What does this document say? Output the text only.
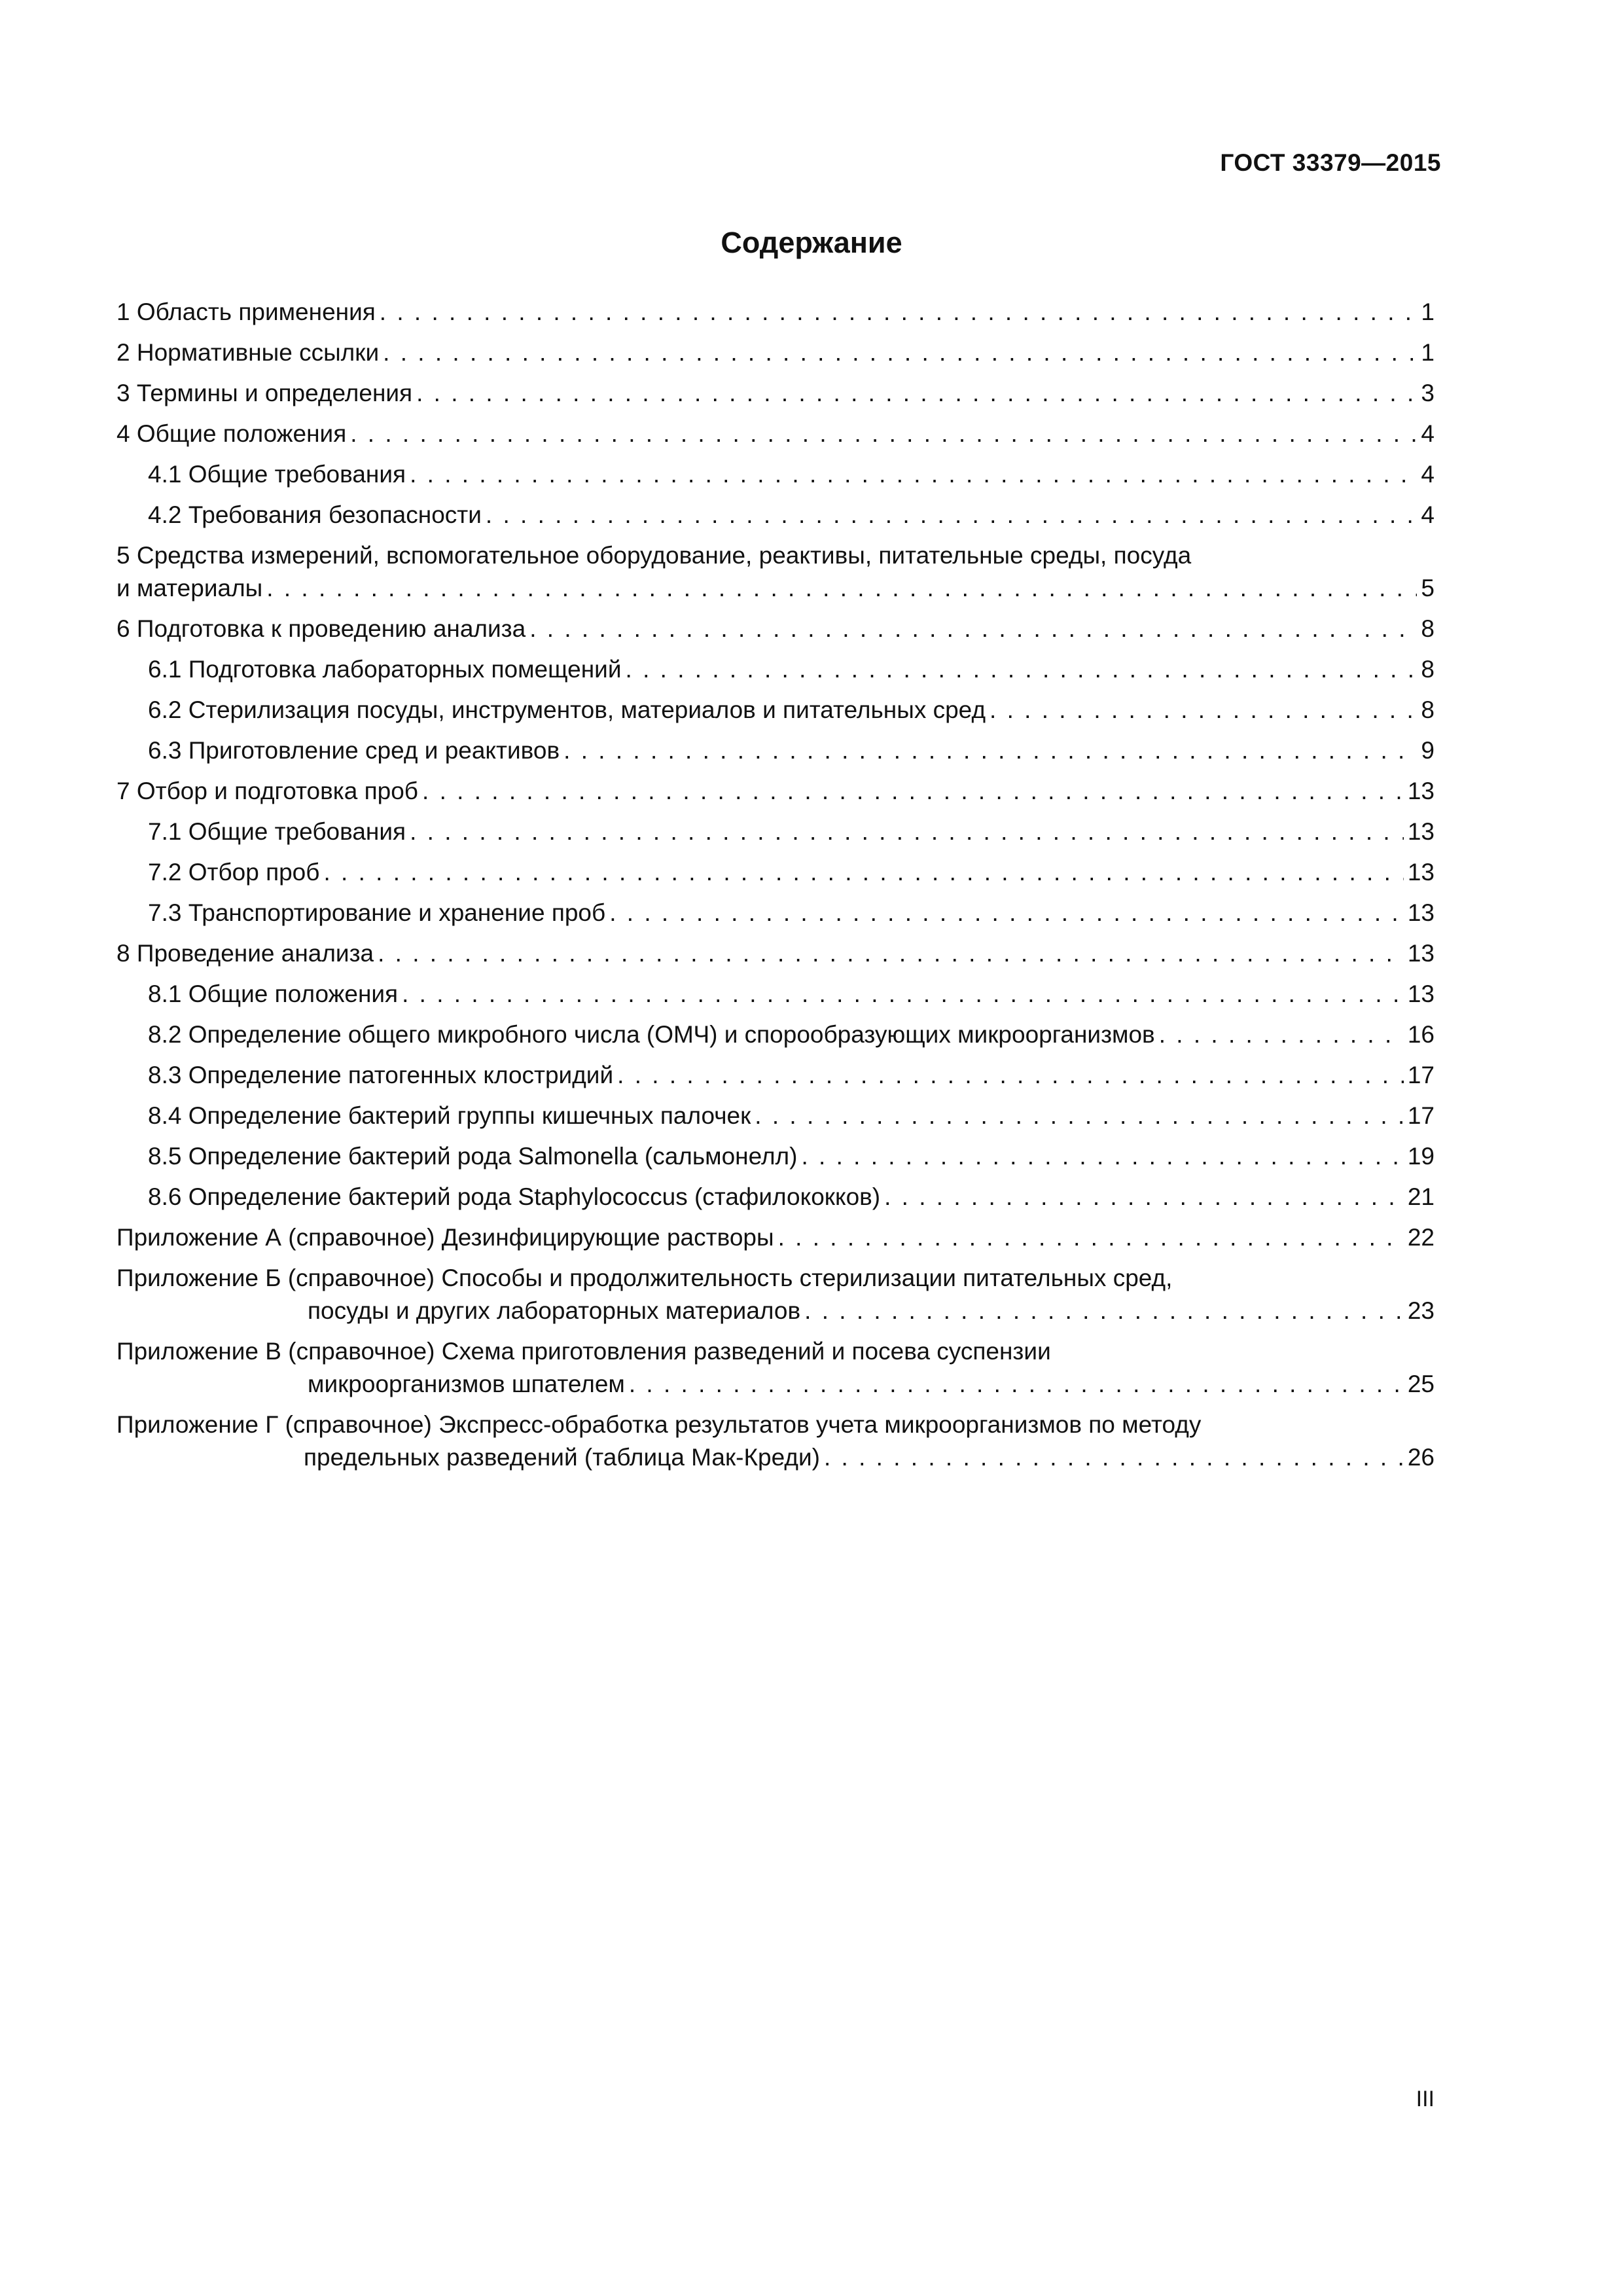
ГОСТ 33379—2015
Содержание
1 Область применения . . .	1
2 Нормативные ссылки . . .	1
3 Термины и определения . . .	3
4 Общие положения . . .	4
4.1 Общие требования . . .	4
4.2 Требования безопасности . . .	4
5 Средства измерений, вспомогательное оборудование, реактивы, питательные среды, посуда
и материалы . . .	5
6 Подготовка к проведению анализа . . .	8
6.1 Подготовка лабораторных помещений . . .	8
6.2 Стерилизация посуды, инструментов, материалов и питательных сред . . .	8
6.3 Приготовление сред и реактивов . . .	9
7 Отбор и подготовка проб . . .	13
7.1 Общие требования . . .	13
7.2 Отбор проб . . .	13
7.3 Транспортирование и хранение проб . . .	13
8 Проведение анализа . . .	13
8.1 Общие положения . . .	13
8.2 Определение общего микробного числа (ОМЧ) и спорообразующих микроорганизмов . . .	16
8.3 Определение патогенных клостридий . . .	17
8.4 Определение бактерий группы кишечных палочек . . .	17
8.5 Определение бактерий рода Salmonella (сальмонелл) . . .	19
8.6 Определение бактерий рода Staphylococcus (стафилококков) . . .	21
Приложение А (справочное) Дезинфицирующие растворы . . .	22
Приложение Б (справочное) Способы и продолжительность стерилизации питательных сред,
посуды и других лабораторных материалов . . .	23
Приложение В (справочное) Схема приготовления разведений и посева суспензии
микроорганизмов шпателем . . .	25
Приложение Г (справочное) Экспресс-обработка результатов учета микроорганизмов по методу
предельных разведений (таблица Мак-Креди) . . .	26
III
